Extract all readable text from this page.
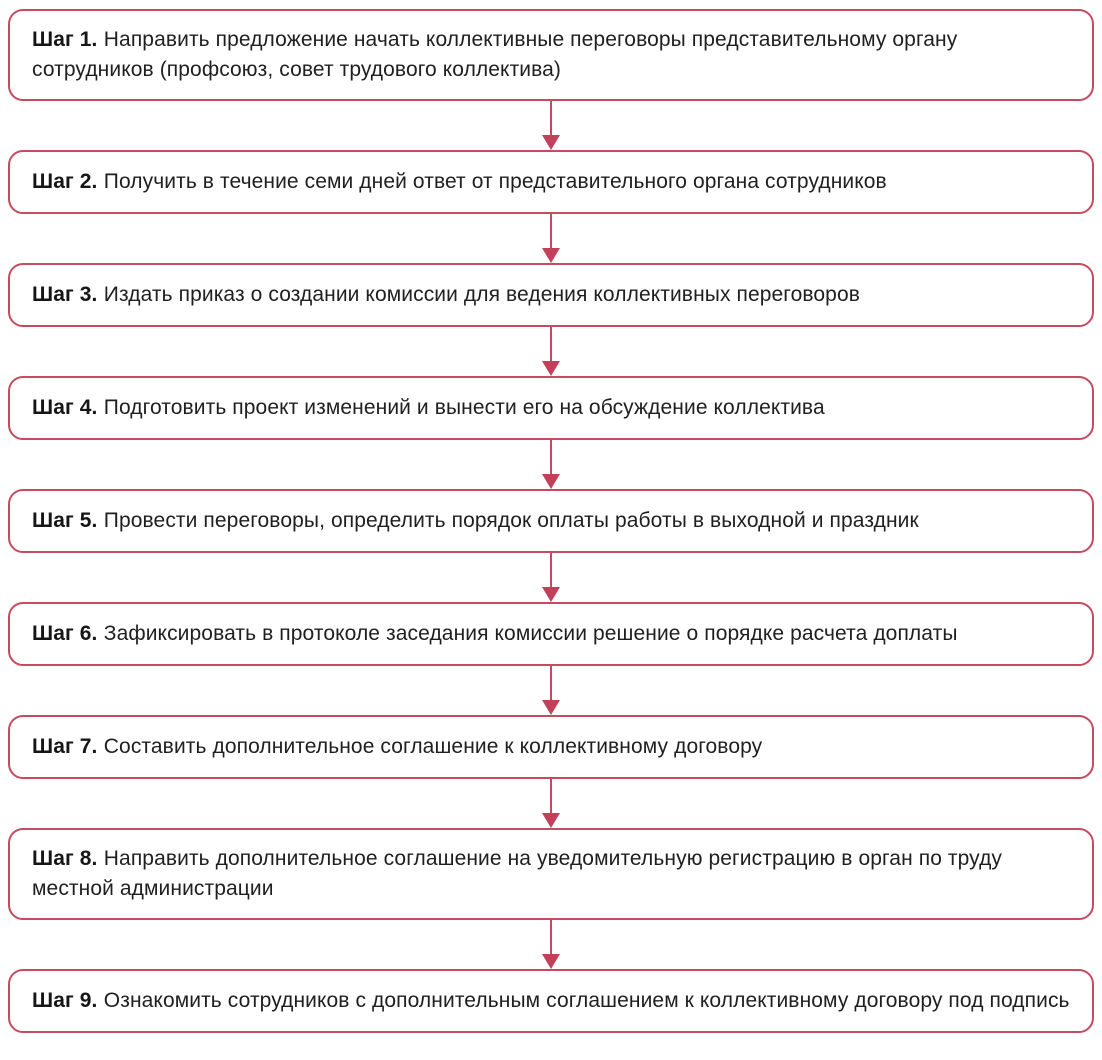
Шаг 1. Направить предложение начать коллективные переговоры представительному органу сотрудников (профсоюз, совет трудового коллектива)

Шаг 2. Получить в течение семи дней ответ от представительного органа сотрудников

Шаг 3. Издать приказ о создании комиссии для ведения коллективных переговоров

Шаг 4. Подготовить проект изменений и вынести его на обсуждение коллектива

Шаг 5. Провести переговоры, определить порядок оплаты работы в выходной и праздник

Шаг 6. Зафиксировать в протоколе заседания комиссии решение о порядке расчета доплаты

Шаг 7. Составить дополнительное соглашение к коллективному договору

Шаг 8. Направить дополнительное соглашение на уведомительную регистрацию в орган по труду местной администрации

Шаг 9. Ознакомить сотрудников с дополнительным соглашением к коллективному договору под подпись
